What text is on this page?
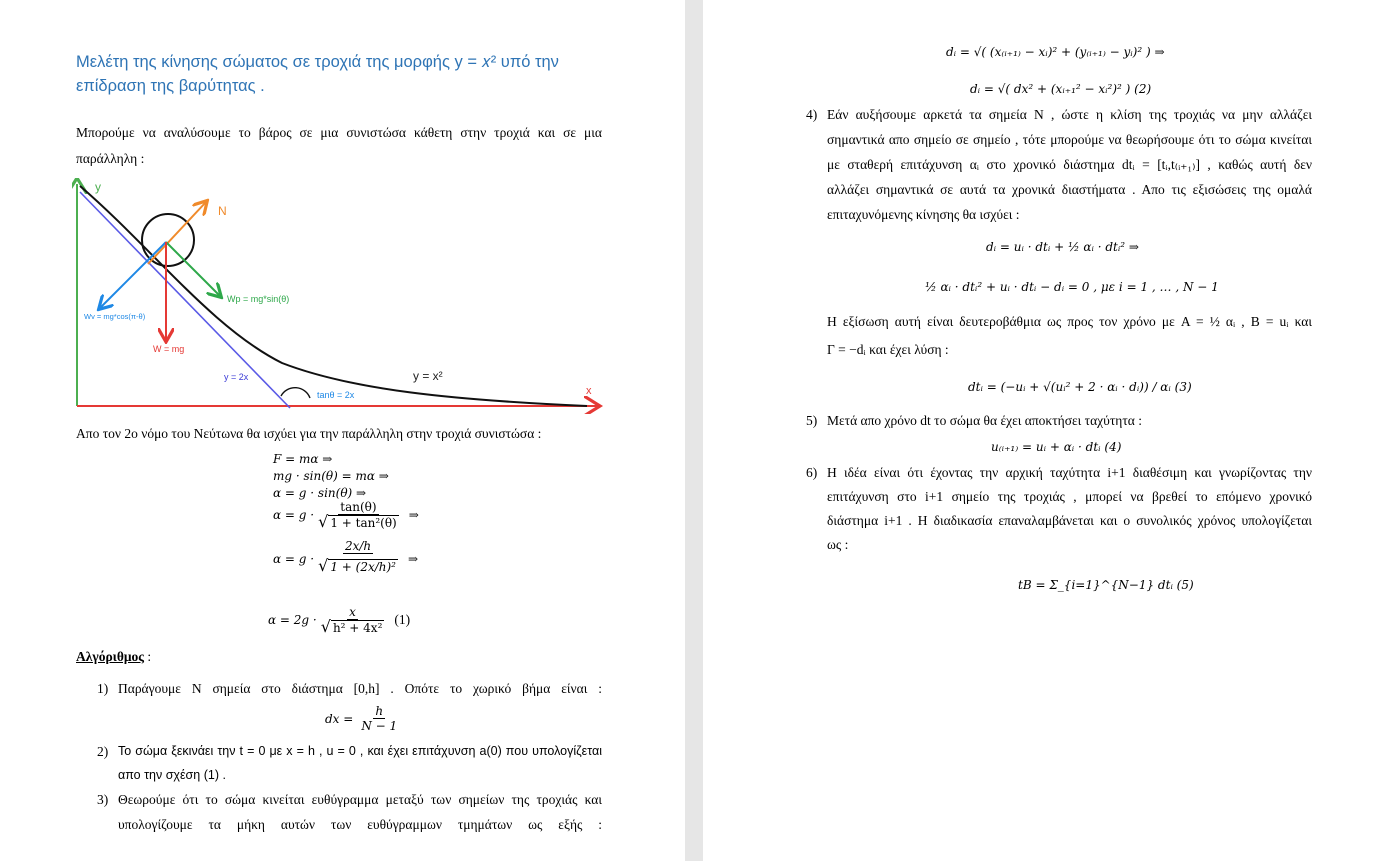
Μελέτη της κίνησης σώματος σε τροχιά της μορφής y = 𝑥² υπό την
επίδραση της βαρύτητας .
Μπορούμε να αναλύσουμε το βάρος σε μια συνιστώσα κάθετη στην τροχιά και σε μια
παράλληλη :
y
N
Wp = mg*sin(θ)
Wv = mg*cos(π-θ)
W = mg
y = 2x	y = x²
tanθ = 2x	x
Απο τον 2ο νόμο του Νεύτωνα θα ισχύει για την παράλληλη στην τροχιά συνιστώσα :
F = mα ⇒
mg · sin(θ) = mα ⇒
α = g · sin(θ) ⇒
$\alpha = g \cdot \frac{\tan(\theta)}{\text{√ 1 + tan²(θ)}}$ ⇒
$\alpha = g \cdot \frac{2x/h}{\text{√ 1 + (2x/h)²}}$ ⇒
$\alpha = 2g \cdot \frac{x}{\text{√ h² + 4x²}} (1)$
Αλγόριθμος :
1) Παράγουμε Ν σημεία στο διάστημα [0,h] . Οπότε το χωρικό βήμα είναι :
dx = $\frac{h}{N - 1}$
2) Το σώμα ξεκινάει την t = 0 με x = h , u = 0 , και έχει επιτάχυνση a(0) που υπολογίζεται
απο την σχέση (1) .
3) Θεωρούμε ότι το σώμα κινείται ευθύγραμμα μεταξύ των σημείων της τροχιάς και
υπολογίζουμε τα μήκη αυτών των ευθύγραμμων τμημάτων ως εξής :
dᵢ = √( (x₍ᵢ₊₁₎ − xᵢ)² + (y₍ᵢ₊₁₎ − yᵢ)² ) ⇒
dᵢ = √( dx² + (xᵢ₊₁² − xᵢ²)² ) (2)
4) Εάν αυξήσουμε αρκετά τα σημεία Ν , ώστε η κλίση της τροχιάς να μην αλλάζει
σημαντικά απο σημείο σε σημείο , τότε μπορούμε να θεωρήσουμε ότι το σώμα κινείται
με σταθερή επιτάχυνση αᵢ στο χρονικό διάστημα dtᵢ = [tᵢ,t₍ᵢ₊₁₎] , καθώς αυτή δεν
αλλάζει σημαντικά σε αυτά τα χρονικά διαστήματα . Απο τις εξισώσεις της ομαλά
επιταχυνόμενης κίνησης θα ισχύει :
dᵢ = uᵢ · dtᵢ + ½ αᵢ · dtᵢ² ⇒
½ αᵢ · dtᵢ² + uᵢ · dtᵢ − dᵢ = 0 , με i = 1 , … , N − 1
Η εξίσωση αυτή είναι δευτεροβάθμια ως προς τον χρόνο με A = ½ αᵢ , B = uᵢ και
Γ = −dᵢ και έχει λύση :
dtᵢ = (−uᵢ + √(uᵢ² + 2 · αᵢ · dᵢ)) / αᵢ (3)
5) Μετά απο χρόνο dt το σώμα θα έχει αποκτήσει ταχύτητα :
u₍ᵢ₊₁₎ = uᵢ + αᵢ · dtᵢ (4)
6) Η ιδέα είναι ότι έχοντας την αρχική ταχύτητα i+1 διαθέσιμη και γνωρίζοντας την
επιτάχυνση στο i+1 σημείο της τροχιάς , μπορεί να βρεθεί το επόμενο χρονικό
διάστημα i+1 . Η διαδικασία επαναλαμβάνεται και ο συνολικός χρόνος υπολογίζεται
ως :
tB = Σ_{i=1}^{N−1} dtᵢ (5)
